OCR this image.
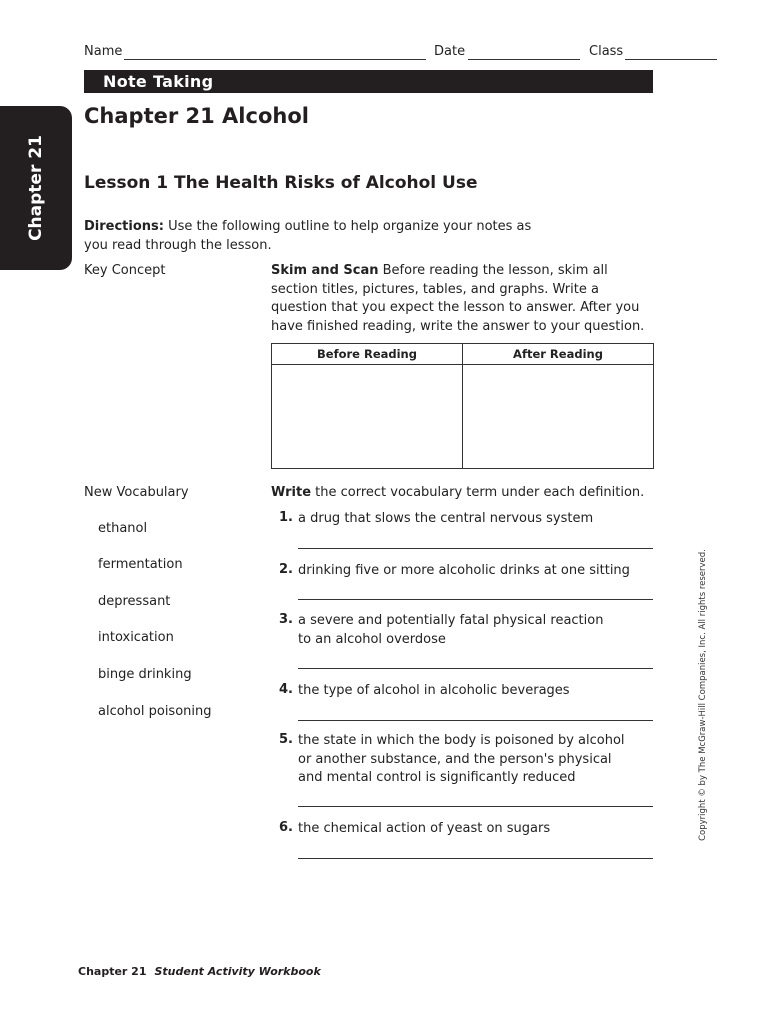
Name	Date	Class
Note Taking
Chapter 21
Chapter 21 Alcohol
Lesson 1 The Health Risks of Alcohol Use
Directions: Use the following outline to help organize your notes as you read through the lesson.
Key Concept	Skim and Scan Before reading the lesson, skim all section titles, pictures, tables, and graphs. Write a question that you expect the lesson to answer. After you have finished reading, write the answer to your question.
Before Reading	After Reading
New Vocabulary
ethanol
fermentation
depressant
intoxication
binge drinking
alcohol poisoning
Write the correct vocabulary term under each definition.
1. a drug that slows the central nervous system
2. drinking five or more alcoholic drinks at one sitting
3. a severe and potentially fatal physical reaction to an alcohol overdose
4. the type of alcohol in alcoholic beverages
5. the state in which the body is poisoned by alcohol or another substance, and the person's physical and mental control is significantly reduced
6. the chemical action of yeast on sugars	Copyright © by The McGraw-Hill Companies, Inc. All rights reserved.
Chapter 21 Student Activity Workbook
